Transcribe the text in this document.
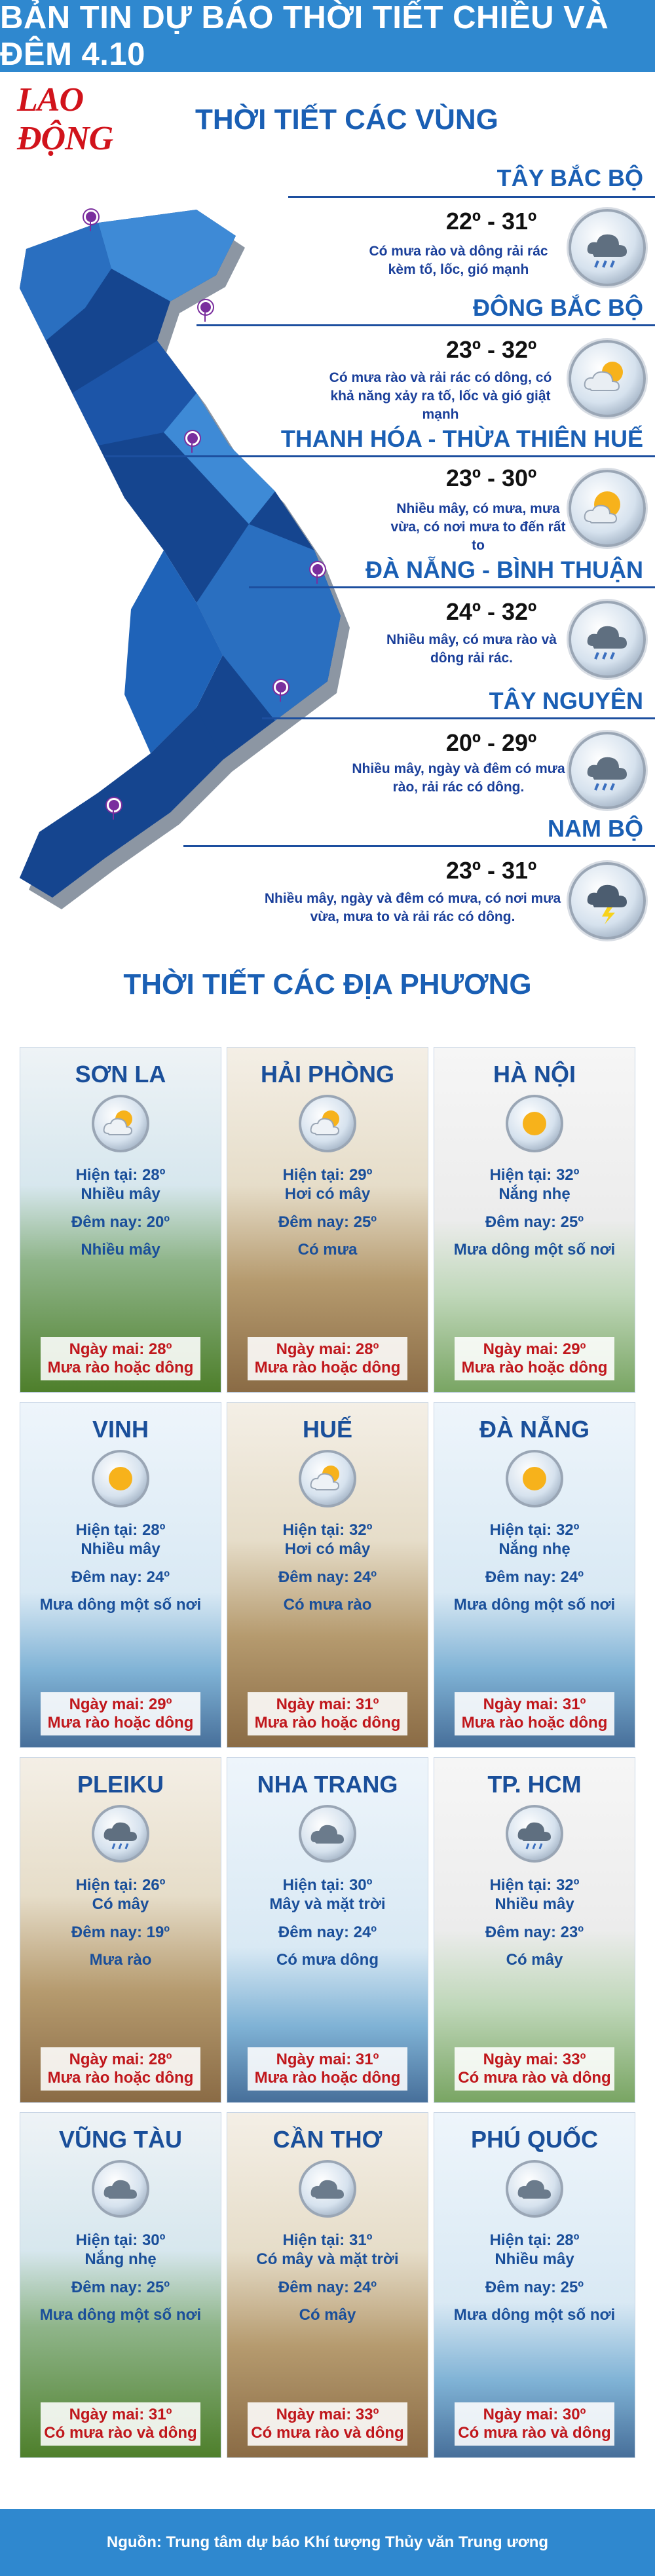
BẢN TIN DỰ BÁO THỜI TIẾT CHIỀU VÀ ĐÊM 4.10
LAO ĐỘNG
THỜI TIẾT CÁC VÙNG
TÂY BẮC BỘ
22º - 31º
Có mưa rào và dông rải rác kèm tố, lốc, gió mạnh
ĐÔNG BẮC BỘ
23º - 32º
Có mưa rào và rải rác có dông, có khả năng xảy ra tố, lốc và gió giật mạnh
THANH HÓA - THỪA THIÊN HUẾ
23º - 30º
Nhiều mây, có mưa, mưa vừa, có nơi mưa to đến rất to
ĐÀ NẴNG - BÌNH THUẬN
24º - 32º
Nhiều mây, có mưa rào và dông rải rác.
TÂY NGUYÊN
20º - 29º
Nhiều mây, ngày và đêm có mưa rào, rải rác có dông.
NAM BỘ
23º - 31º
Nhiều mây, ngày và đêm có mưa, có nơi mưa vừa, mưa to và rải rác có dông.
THỜI TIẾT CÁC ĐỊA PHƯƠNG
SƠN LA
Hiện tại: 28º
Nhiều mây
Đêm nay: 20º
Nhiều mây
Ngày mai: 28º
Mưa rào hoặc dông
HẢI PHÒNG
Hiện tại: 29º
Hơi có mây
Đêm nay: 25º
Có mưa
Ngày mai: 28º
Mưa rào hoặc dông
HÀ NỘI
Hiện tại: 32º
Nắng nhẹ
Đêm nay: 25º
Mưa dông một số nơi
Ngày mai: 29º
Mưa rào hoặc dông
VINH
Hiện tại: 28º
Nhiều mây
Đêm nay: 24º
Mưa dông một số nơi
Ngày mai: 29º
Mưa rào hoặc dông
HUẾ
Hiện tại: 32º
Hơi có mây
Đêm nay: 24º
Có mưa rào
Ngày mai: 31º
Mưa rào hoặc dông
ĐÀ NẴNG
Hiện tại: 32º
Nắng nhẹ
Đêm nay: 24º
Mưa dông một số nơi
Ngày mai: 31º
Mưa rào hoặc dông
PLEIKU
Hiện tại: 26º
Có mây
Đêm nay: 19º
Mưa rào
Ngày mai: 28º
Mưa rào hoặc dông
NHA TRANG
Hiện tại: 30º
Mây và mặt trời
Đêm nay: 24º
Có mưa dông
Ngày mai: 31º
Mưa rào hoặc dông
TP. HCM
Hiện tại: 32º
Nhiều mây
Đêm nay: 23º
Có mây
Ngày mai: 33º
Có mưa rào và dông
VŨNG TÀU
Hiện tại: 30º
Nắng nhẹ
Đêm nay: 25º
Mưa dông một số nơi
Ngày mai: 31º
Có mưa rào và dông
CẦN THƠ
Hiện tại: 31º
Có mây và mặt trời
Đêm nay: 24º
Có mây
Ngày mai: 33º
Có mưa rào và dông
PHÚ QUỐC
Hiện tại: 28º
Nhiều mây
Đêm nay: 25º
Mưa dông một số nơi
Ngày mai: 30º
Có mưa rào và dông
Nguồn: Trung tâm dự báo Khí tượng Thủy văn Trung ương
